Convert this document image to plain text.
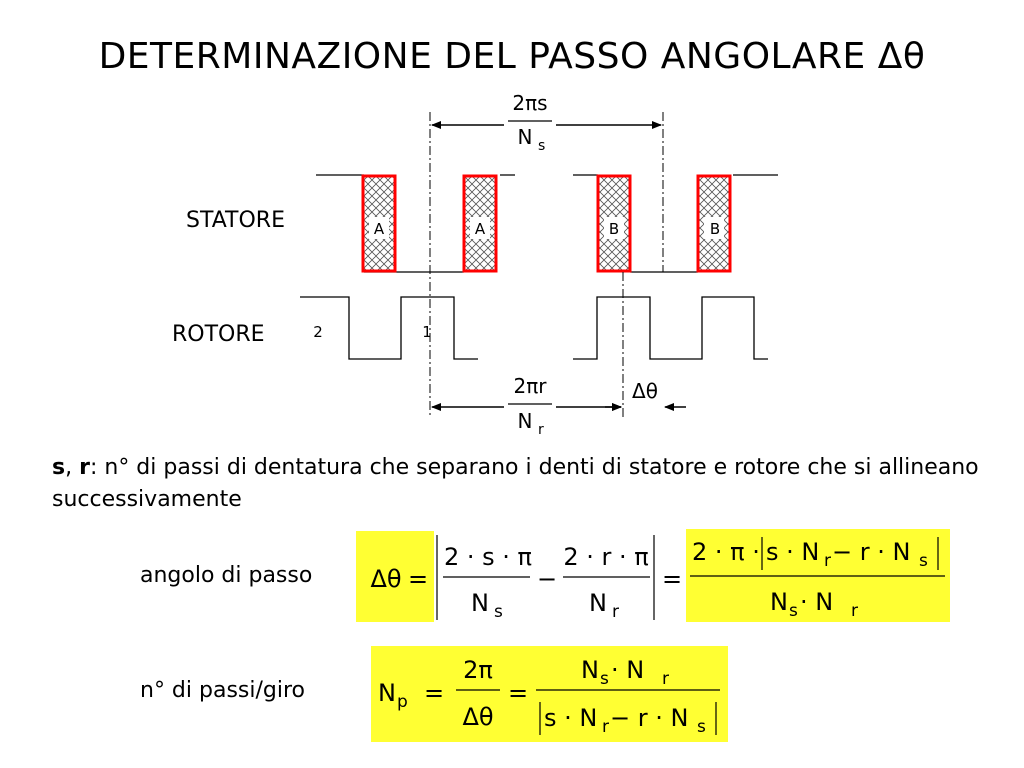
DETERMINAZIONE DEL PASSO ANGOLARE Δθ
A	A	B	B
2	1
2πs
N s
2πr
N r
Δθ
STATORE
ROTORE
s, r: n° di passi di dentatura che separano i denti di statore e rotore che si allineano successivamente
angolo di passo Δθ =
2 · s · π
N s
−
2 · r · π
N r
=
2 · π · s · N r − r · N s
N s · N r
n° di passi/giro	N p =
2π
Δθ
=
N s · N r
s · N r − r · N s
